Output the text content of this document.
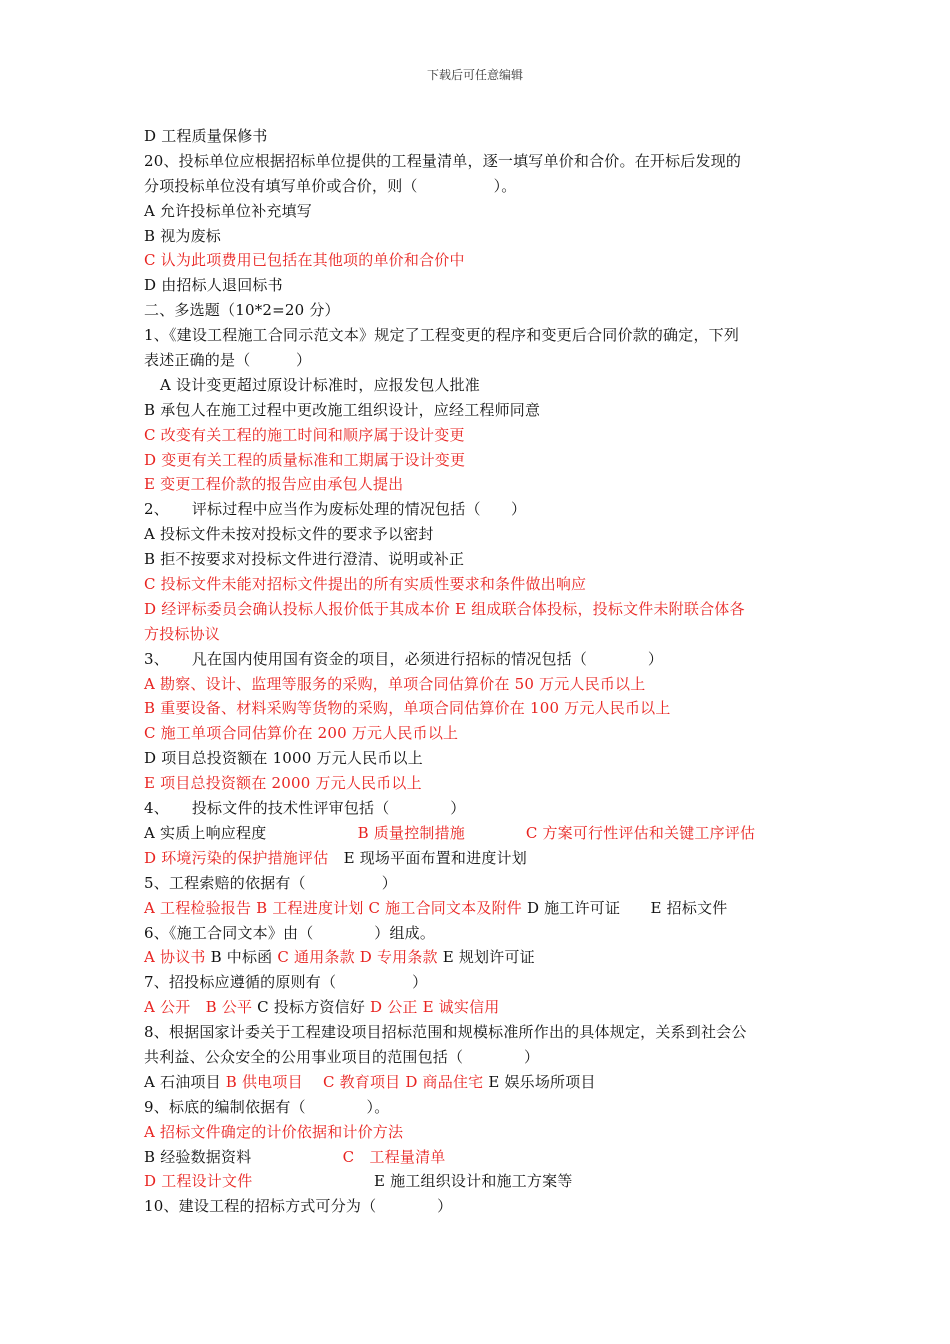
下载后可任意编辑
D 工程质量保修书
20、投标单位应根据招标单位提供的工程量清单，逐一填写单价和合价。在开标后发现的
分项投标单位没有填写单价或合价，则（　　　　　）。
A 允许投标单位补充填写
B 视为废标
C 认为此项费用已包括在其他项的单价和合价中
D 由招标人退回标书
二、多选题（10*2=20 分）
1、《建设工程施工合同示范文本》规定了工程变更的程序和变更后合同价款的确定，下列
表述正确的是（　　　）
A 设计变更超过原设计标准时，应报发包人批准
B 承包人在施工过程中更改施工组织设计，应经工程师同意
C 改变有关工程的施工时间和顺序属于设计变更
D 变更有关工程的质量标准和工期属于设计变更
E 变更工程价款的报告应由承包人提出
2、　　评标过程中应当作为废标处理的情况包括（　　）
A 投标文件未按对投标文件的要求予以密封
B 拒不按要求对投标文件进行澄清、说明或补正
C 投标文件未能对招标文件提出的所有实质性要求和条件做出响应
D 经评标委员会确认投标人报价低于其成本价 E 组成联合体投标，投标文件未附联合体各
方投标协议
3、　　凡在国内使用国有资金的项目，必须进行招标的情况包括（　　　　）
A 勘察、设计、监理等服务的采购，单项合同估算价在 50 万元人民币以上
B 重要设备、材料采购等货物的采购，单项合同估算价在 100 万元人民币以上
C 施工单项合同估算价在 200 万元人民币以上
D 项目总投资额在 1000 万元人民币以上
E 项目总投资额在 2000 万元人民币以上
4、　　投标文件的技术性评审包括（　　　　）
A 实质上响应程度　　　　　　B 质量控制措施　　　　C 方案可行性评估和关键工序评估
D 环境污染的保护措施评估　E 现场平面布置和进度计划
5、工程索赔的依据有（　　　　　）
A 工程检验报告 B 工程进度计划 C 施工合同文本及附件 D 施工许可证　　E 招标文件
6、《施工合同文本》由（　　　　）组成。
A 协议书 B 中标函 C 通用条款 D 专用条款 E 规划许可证
7、招投标应遵循的原则有（　　　　　）
A 公开　B 公平 C 投标方资信好 D 公正 E 诚实信用
8、根据国家计委关于工程建设项目招标范围和规模标准所作出的具体规定，关系到社会公
共利益、公众安全的公用事业项目的范围包括（　　　　）
A 石油项目 B 供电项目　 C 教育项目 D 商品住宅 E 娱乐场所项目
9、标底的编制依据有（　　　　）。
A 招标文件确定的计价依据和计价方法
B 经验数据资料　　　　　　C　工程量清单
D 工程设计文件　　　　　　　　E 施工组织设计和施工方案等
10、建设工程的招标方式可分为（　　　　）
